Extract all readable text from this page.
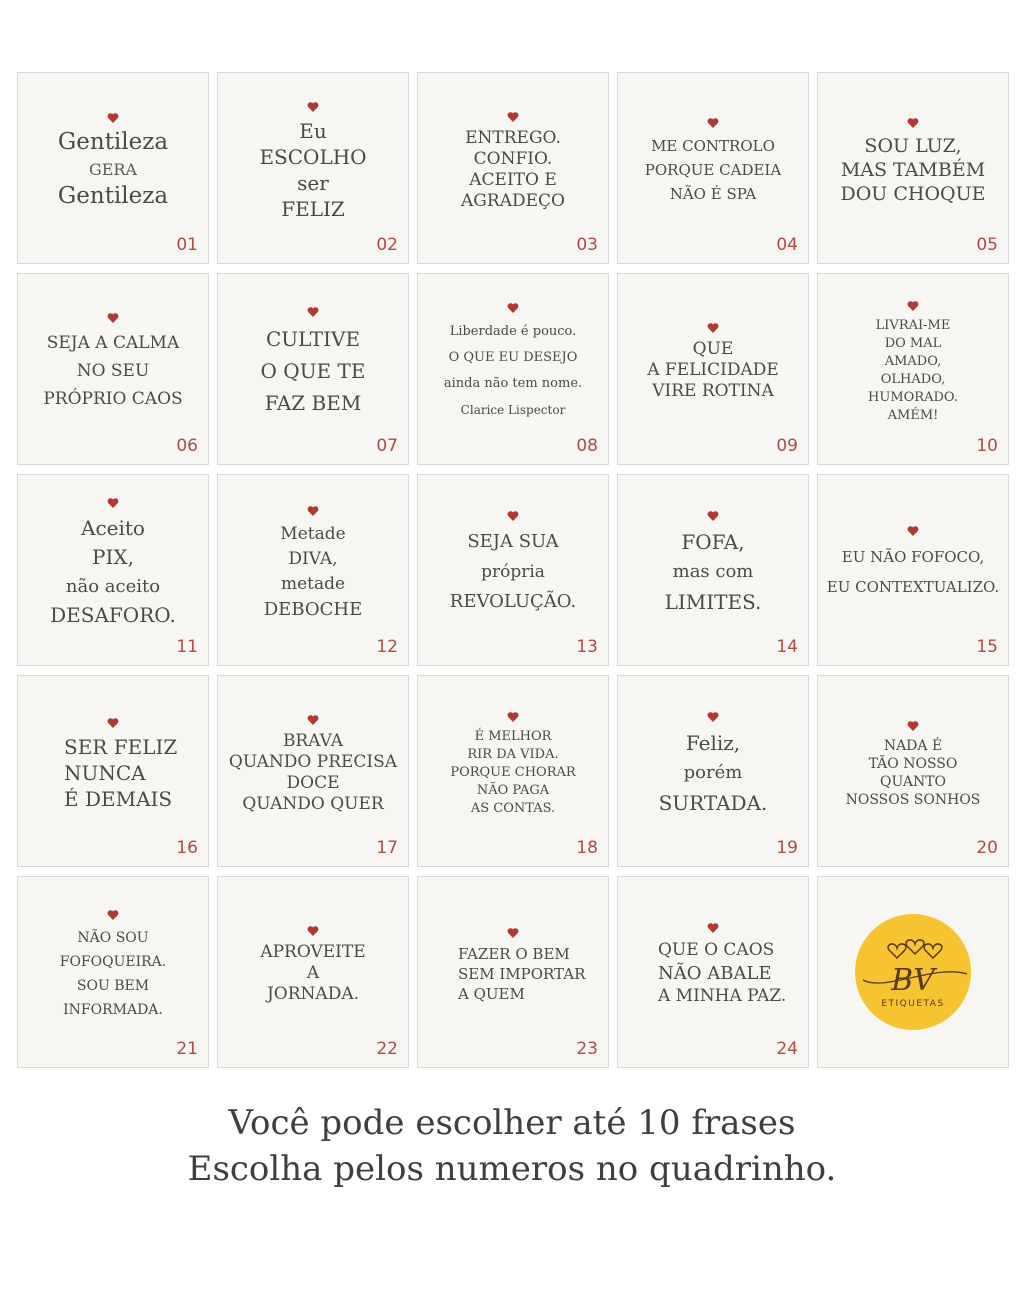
Gentileza
GERA
Gentileza
01
Eu
ESCOLHO
ser
FELIZ
02
ENTREGO.
CONFIO.
ACEITO E
AGRADEÇO
03
ME CONTROLO
PORQUE CADEIA
NÃO É SPA
04
SOU LUZ,
MAS TAMBÉM
DOU CHOQUE
05
SEJA A CALMA
NO SEU
PRÓPRIO CAOS
06
CULTIVE
O QUE TE
FAZ BEM
07
Liberdade é pouco.
O QUE EU DESEJO
ainda não tem nome.
Clarice Lispector
08
QUE
A FELICIDADE
VIRE ROTINA
09
LIVRAI-ME
DO MAL
AMADO,
OLHADO,
HUMORADO.
AMÉM!
10
Aceito
PIX,
não aceito
DESAFORO.
11
Metade
DIVA,
metade
DEBOCHE
12
SEJA SUA
própria
REVOLUÇÃO.
13
FOFA,
mas com
LIMITES.
14
EU NÃO FOFOCO,
EU CONTEXTUALIZO.
15
SER FELIZ
NUNCA
É DEMAIS
16
BRAVA
QUANDO PRECISA
DOCE
QUANDO QUER
17
É MELHOR
RIR DA VIDA.
PORQUE CHORAR
NÃO PAGA
AS CONTAS.
18
Feliz,
porém
SURTADA.
19
NADA É
TÃO NOSSO
QUANTO
NOSSOS SONHOS
20
NÃO SOU
FOFOQUEIRA.
SOU BEM
INFORMADA.
21
APROVEITE
A
JORNADA.
22
FAZER O BEM
SEM IMPORTAR
A QUEM
23
QUE O CAOS
NÃO ABALE
A MINHA PAZ.
24
BV
ETIQUETAS
Você pode escolher até 10 frases
Escolha pelos numeros no quadrinho.
